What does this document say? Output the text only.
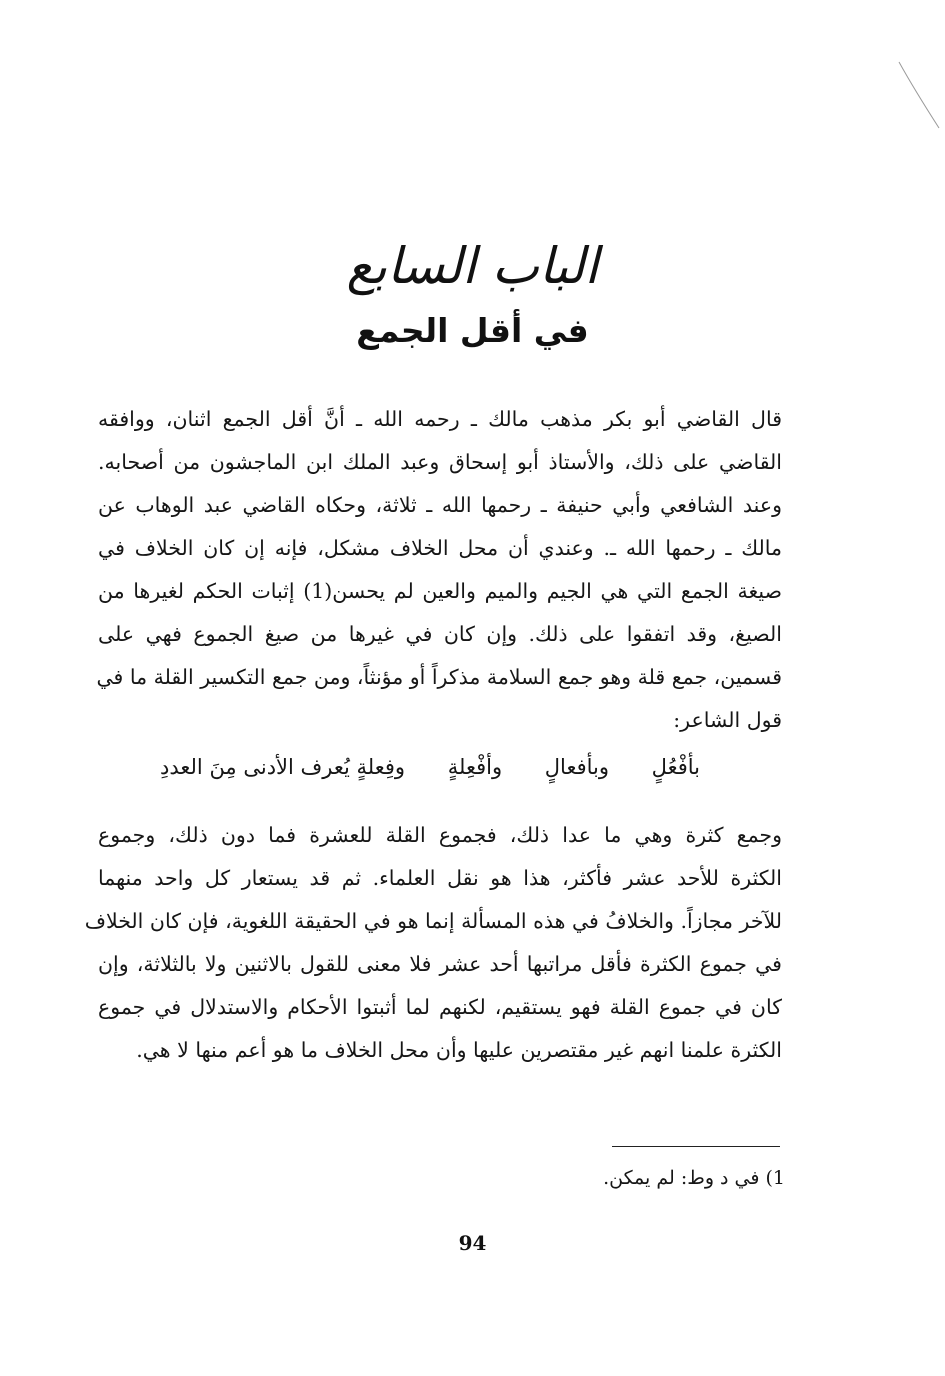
الباب السابع
في أقل الجمع
قال القاضي أبو بكر مذهب مالك ـ رحمه الله ـ أنَّ أقل الجمع اثنان، ووافقه
القاضي على ذلك، والأستاذ أبو إسحاق وعبد الملك ابن الماجشون من أصحابه.
وعند الشافعي وأبي حنيفة ـ رحمها الله ـ ثلاثة، وحكاه القاضي عبد الوهاب عن
مالك ـ رحمها الله ـ. وعندي أن محل الخلاف مشكل، فإنه إن كان الخلاف في
صيغة الجمع التي هي الجيم والميم والعين لم يحسن(1) إثبات الحكم لغيرها من
الصيغ، وقد اتفقوا على ذلك. وإن كان في غيرها من صيغ الجموع فهي على
قسمين، جمع قلة وهو جمع السلامة مذكراً أو مؤنثاً، ومن جمع التكسير القلة ما في
قول الشاعر:
بأفْعُلٍ
وبأفعالٍ
وأفْعِلةٍ
وفِعلةٍ يُعرف الأدنى مِنَ العددِ
وجمع كثرة وهي ما عدا ذلك، فجموع القلة للعشرة فما دون ذلك، وجموع
الكثرة للأحد عشر فأكثر، هذا هو نقل العلماء. ثم قد يستعار كل واحد منهما
للآخر مجازاً. والخلافُ في هذه المسألة إنما هو في الحقيقة اللغوية، فإن كان الخلاف
في جموع الكثرة فأقل مراتبها أحد عشر فلا معنى للقول بالاثنين ولا بالثلاثة، وإن
كان في جموع القلة فهو يستقيم، لكنهم لما أثبتوا الأحكام والاستدلال في جموع
الكثرة علمنا انهم غير مقتصرين عليها وأن محل الخلاف ما هو أعم منها لا هي.
1) في د وط: لم يمكن.
94
